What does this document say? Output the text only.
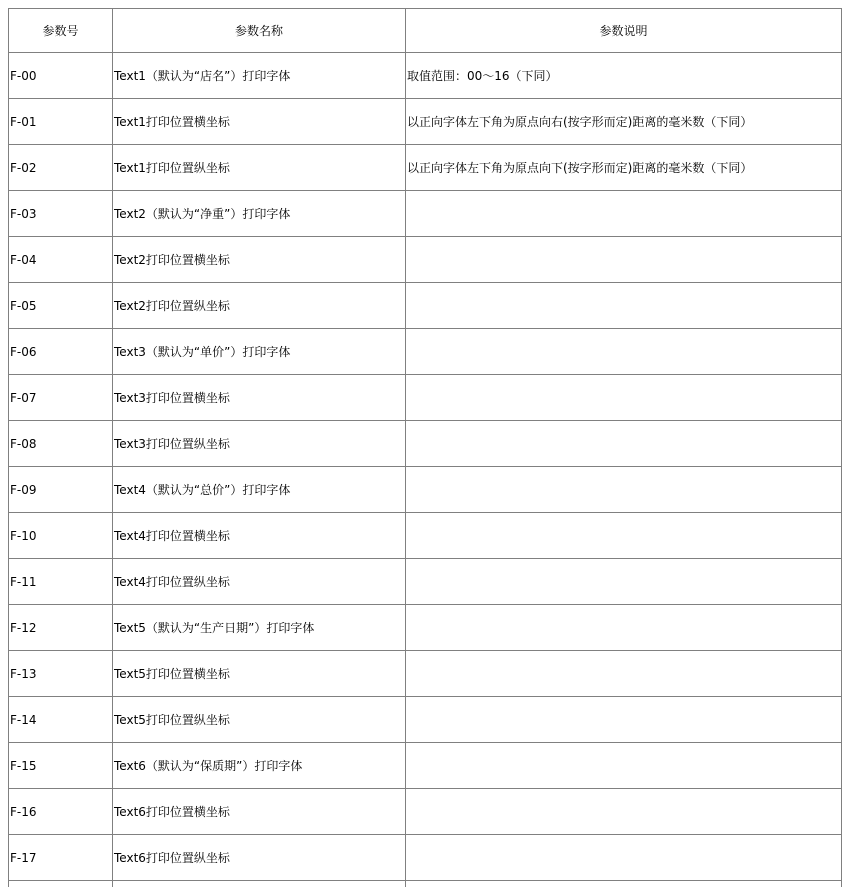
参数号	参数名称	参数说明
F-00	Text1（默认为“店名”）打印字体	取值范围：00～16（下同）
F-01	Text1打印位置横坐标	以正向字体左下角为原点向右(按字形而定)距离的毫米数（下同）
F-02	Text1打印位置纵坐标	以正向字体左下角为原点向下(按字形而定)距离的毫米数（下同）
F-03	Text2（默认为“净重”）打印字体	
F-04	Text2打印位置横坐标	
F-05	Text2打印位置纵坐标	
F-06	Text3（默认为“单价”）打印字体	
F-07	Text3打印位置横坐标	
F-08	Text3打印位置纵坐标	
F-09	Text4（默认为“总价”）打印字体	
F-10	Text4打印位置横坐标	
F-11	Text4打印位置纵坐标	
F-12	Text5（默认为“生产日期”）打印字体	
F-13	Text5打印位置横坐标	
F-14	Text5打印位置纵坐标	
F-15	Text6（默认为“保质期”）打印字体	
F-16	Text6打印位置横坐标	
F-17	Text6打印位置纵坐标	
